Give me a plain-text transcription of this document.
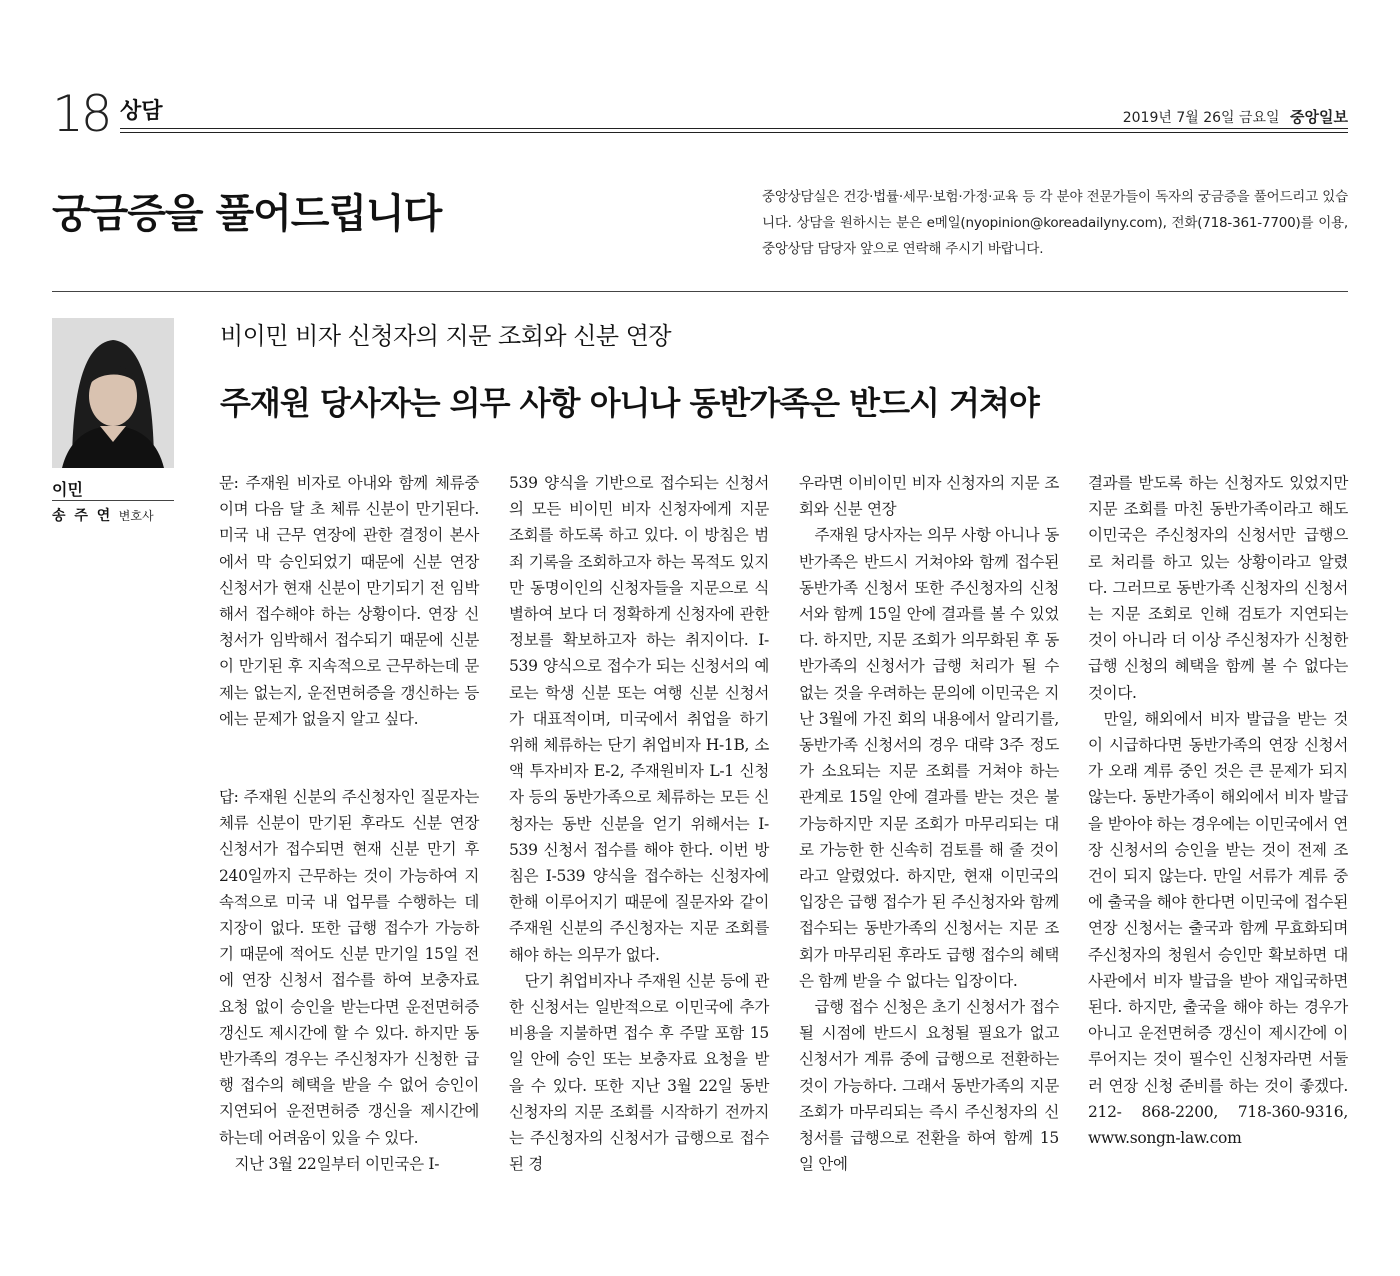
18 상담	2019년 7월 26일 금요일 중앙일보
궁금증을 풀어드립니다	중앙상담실은 건강·법률·세무·보험·가정·교육 등 각 분야 전문가들이 독자의 궁금증을 풀어드리고 있습니다. 상담을 원하시는 분은 e메일(nyopinion@koreadailyny.com), 전화(718-361-7700)를 이용, 중앙상담 담당자 앞으로 연락해 주시기 바랍니다.
이민
송 주 연 변호사
비이민 비자 신청자의 지문 조회와 신분 연장
주재원 당사자는 의무 사항 아니나 동반가족은 반드시 거쳐야

문: 주재원 비자로 아내와 함께 체류중이며 다음 달 초 체류 신분이 만기된다. 미국 내 근무 연장에 관한 결정이 본사에서 막 승인되었기 때문에 신분 연장 신청서가 현재 신분이 만기되기 전 임박해서 접수해야 하는 상황이다. 연장 신청서가 임박해서 접수되기 때문에 신분이 만기된 후 지속적으로 근무하는데 문제는 없는지, 운전면허증을 갱신하는 등에는 문제가 없을지 알고 싶다.

답: 주재원 신분의 주신청자인 질문자는 체류 신분이 만기된 후라도 신분 연장 신청서가 접수되면 현재 신분 만기 후 240일까지 근무하는 것이 가능하여 지속적으로 미국 내 업무를 수행하는 데 지장이 없다. 또한 급행 접수가 가능하기 때문에 적어도 신분 만기일 15일 전에 연장 신청서 접수를 하여 보충자료 요청 없이 승인을 받는다면 운전면허증 갱신도 제시간에 할 수 있다. 하지만 동반가족의 경우는 주신청자가 신청한 급행 접수의 혜택을 받을 수 없어 승인이 지연되어 운전면허증 갱신을 제시간에 하는데 어려움이 있을 수 있다.

지난 3월 22일부터 이민국은 I-

539 양식을 기반으로 접수되는 신청서의 모든 비이민 비자 신청자에게 지문 조회를 하도록 하고 있다. 이 방침은 범죄 기록을 조회하고자 하는 목적도 있지만 동명이인의 신청자들을 지문으로 식별하여 보다 더 정확하게 신청자에 관한 정보를 확보하고자 하는 취지이다. I-539 양식으로 접수가 되는 신청서의 예로는 학생 신분 또는 여행 신분 신청서가 대표적이며, 미국에서 취업을 하기 위해 체류하는 단기 취업비자 H-1B, 소액 투자비자 E-2, 주재원비자 L-1 신청자 등의 동반가족으로 체류하는 모든 신청자는 동반 신분을 얻기 위해서는 I-539 신청서 접수를 해야 한다. 이번 방침은 I-539 양식을 접수하는 신청자에 한해 이루어지기 때문에 질문자와 같이 주재원 신분의 주신청자는 지문 조회를 해야 하는 의무가 없다.

단기 취업비자나 주재원 신분 등에 관한 신청서는 일반적으로 이민국에 추가 비용을 지불하면 접수 후 주말 포함 15일 안에 승인 또는 보충자료 요청을 받을 수 있다. 또한 지난 3월 22일 동반 신청자의 지문 조회를 시작하기 전까지는 주신청자의 신청서가 급행으로 접수된 경

우라면 이비이민 비자 신청자의 지문 조회와 신분 연장

주재원 당사자는 의무 사항 아니나 동반가족은 반드시 거쳐야와 함께 접수된 동반가족 신청서 또한 주신청자의 신청서와 함께 15일 안에 결과를 볼 수 있었다. 하지만, 지문 조회가 의무화된 후 동반가족의 신청서가 급행 처리가 될 수 없는 것을 우려하는 문의에 이민국은 지난 3월에 가진 회의 내용에서 알리기를, 동반가족 신청서의 경우 대략 3주 정도가 소요되는 지문 조회를 거쳐야 하는 관계로 15일 안에 결과를 받는 것은 불가능하지만 지문 조회가 마무리되는 대로 가능한 한 신속히 검토를 해 줄 것이라고 알렸었다. 하지만, 현재 이민국의 입장은 급행 접수가 된 주신청자와 함께 접수되는 동반가족의 신청서는 지문 조회가 마무리된 후라도 급행 접수의 혜택은 함께 받을 수 없다는 입장이다.

급행 접수 신청은 초기 신청서가 접수될 시점에 반드시 요청될 필요가 없고 신청서가 계류 중에 급행으로 전환하는 것이 가능하다. 그래서 동반가족의 지문 조회가 마무리되는 즉시 주신청자의 신청서를 급행으로 전환을 하여 함께 15일 안에

결과를 받도록 하는 신청자도 있었지만 지문 조회를 마친 동반가족이라고 해도 이민국은 주신청자의 신청서만 급행으로 처리를 하고 있는 상황이라고 알렸다. 그러므로 동반가족 신청자의 신청서는 지문 조회로 인해 검토가 지연되는 것이 아니라 더 이상 주신청자가 신청한 급행 신청의 혜택을 함께 볼 수 없다는 것이다.

만일, 해외에서 비자 발급을 받는 것이 시급하다면 동반가족의 연장 신청서가 오래 계류 중인 것은 큰 문제가 되지 않는다. 동반가족이 해외에서 비자 발급을 받아야 하는 경우에는 이민국에서 연장 신청서의 승인을 받는 것이 전제 조건이 되지 않는다. 만일 서류가 계류 중에 출국을 해야 한다면 이민국에 접수된 연장 신청서는 출국과 함께 무효화되며 주신청자의 청원서 승인만 확보하면 대사관에서 비자 발급을 받아 재입국하면 된다. 하지만, 출국을 해야 하는 경우가 아니고 운전면허증 갱신이 제시간에 이루어지는 것이 필수인 신청자라면 서둘러 연장 신청 준비를 하는 것이 좋겠다. 212- 868-2200, 718-360-9316, www.songn-law.com
